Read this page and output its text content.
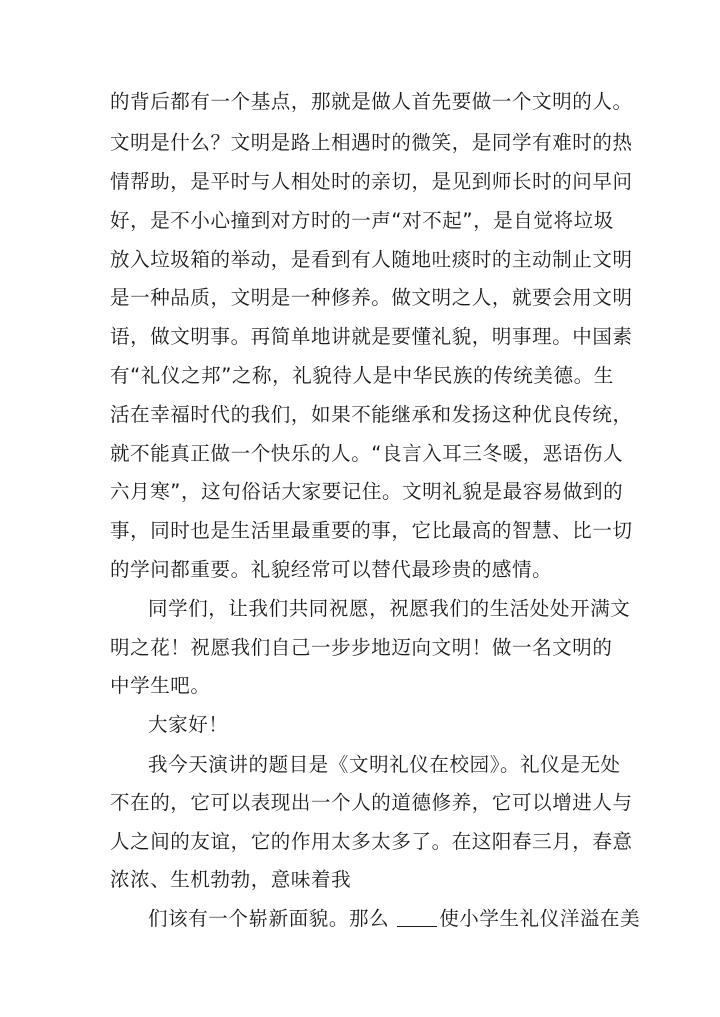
的背后都有一个基点，那就是做人首先要做一个文明的人。
文明是什么？文明是路上相遇时的微笑，是同学有难时的热
情帮助，是平时与人相处时的亲切，是见到师长时的问早问
好，是不小心撞到对方时的一声“对不起”，是自觉将垃圾
放入垃圾箱的举动，是看到有人随地吐痰时的主动制止文明
是一种品质，文明是一种修养。做文明之人，就要会用文明
语，做文明事。再简单地讲就是要懂礼貌，明事理。中国素
有“礼仪之邦”之称，礼貌待人是中华民族的传统美德。生
活在幸福时代的我们，如果不能继承和发扬这种优良传统，
就不能真正做一个快乐的人。“良言入耳三冬暖，恶语伤人
六月寒”，这句俗话大家要记住。文明礼貌是最容易做到的
事，同时也是生活里最重要的事，它比最高的智慧、比一切
的学问都重要。礼貌经常可以替代最珍贵的感情。
同学们，让我们共同祝愿，祝愿我们的生活处处开满文
明之花！祝愿我们自己一步步地迈向文明！做一名文明的
中学生吧。
大家好！
我今天演讲的题目是《文明礼仪在校园》。礼仪是无处
不在的，它可以表现出一个人的道德修养，它可以增进人与
人之间的友谊，它的作用太多太多了。在这阳春三月，春意
浓浓、生机勃勃，意味着我
们该有一个崭新面貌。那么	使小学生礼仪洋溢在美
